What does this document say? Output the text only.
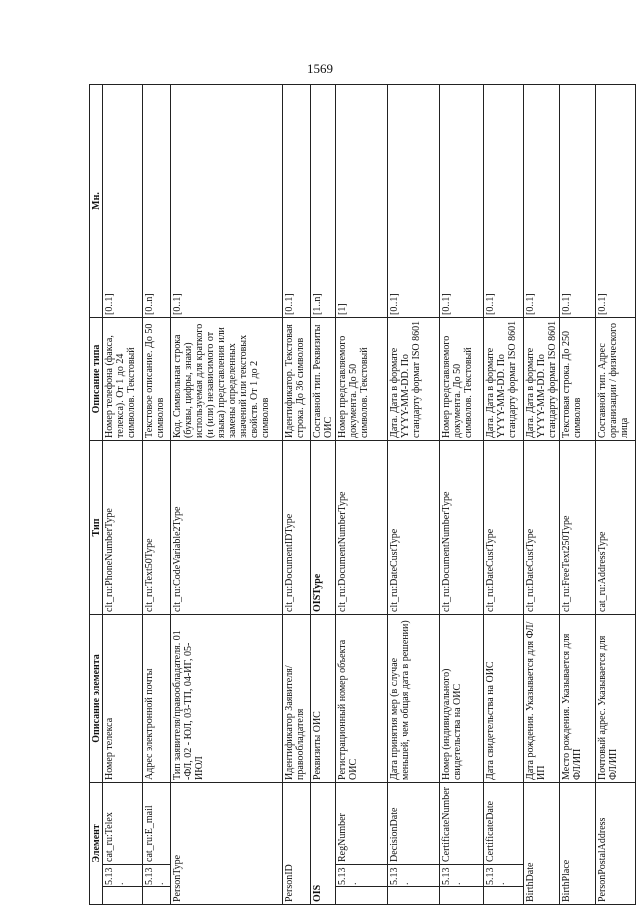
1569
Элемент			Описание элемента	Тип	Описание типа	Мн.
	5.13.	cat_ru:Telex	Номер телекса	clt_ru:PhoneNumberType	Номер телефона (факса, телекса). От 1 до 24 символов. Текстовый	[0..1]
	5.13.	cat_ru:E_mail	Адрес электронной почты	clt_ru:Text50Type	Текстовое описание. До 50 символов	[0..n]
PersonType			Тип заявителя/правообладателя. 01 -ФЛ, 02 - ЮЛ, 03-ТП, 04-ИГ, 05- ИЮЛ	clt_ru:CodeVariable2Type	Код. Символьная строка (буквы, цифры, знаки) используемая для краткого (и (или) независимого от языка) представления или замены определенных значений или текстовых свойств. От 1 до 2 символов	[0..1]
PersonID			Идентификатор Заявителя/правообладателя	clt_ru:DocumentIDType	Идентификатор. Текстовая строка. До 36 символов	[0..1]
OIS			Реквизиты ОИС	OISType	Составной тип. Реквизиты ОИС	[1..n]
	5.13.	RegNumber	Регистрационный номер объекта ОИС	clt_ru:DocumentNumberType	Номер представляемого документа. До 50 символов. Текстовый	[1]
	5.13.	DecisionDate	Дата принятия мер (в случае меньшей, чем общая дата в решении)	clt_ru:DateCustType	Дата. Дата в формате YYYY-MM-DD. По стандарту формат ISO 8601	[0..1]
	5.13.	CertificateNumber	Номер (индивидуального) свидетельства на ОИС	clt_ru:DocumentNumberType	Номер представляемого документа. До 50 символов. Текстовый	[0..1]
	5.13.	CertificateDate	Дата свидетельства на ОИС	clt_ru:DateCustType	Дата. Дата в формате YYYY-MM-DD. По стандарту формат ISO 8601	[0..1]
BirthDate			Дата рождения. Указывается для ФЛ/ИП	clt_ru:DateCustType	Дата. Дата в формате YYYY-MM-DD. По стандарту формат ISO 8601	[0..1]
BirthPlace			Место рождения. Указывается для ФЛ/ИП	clt_ru:FreeText250Type	Текстовая строка. До 250 символов	[0..1]
PersonPostalAddress			Почтовый адрес. Указывается для ФЛ/ИП	cat_ru:AddressType	Составной тип. Адрес организации / физического лица	[0..1]
